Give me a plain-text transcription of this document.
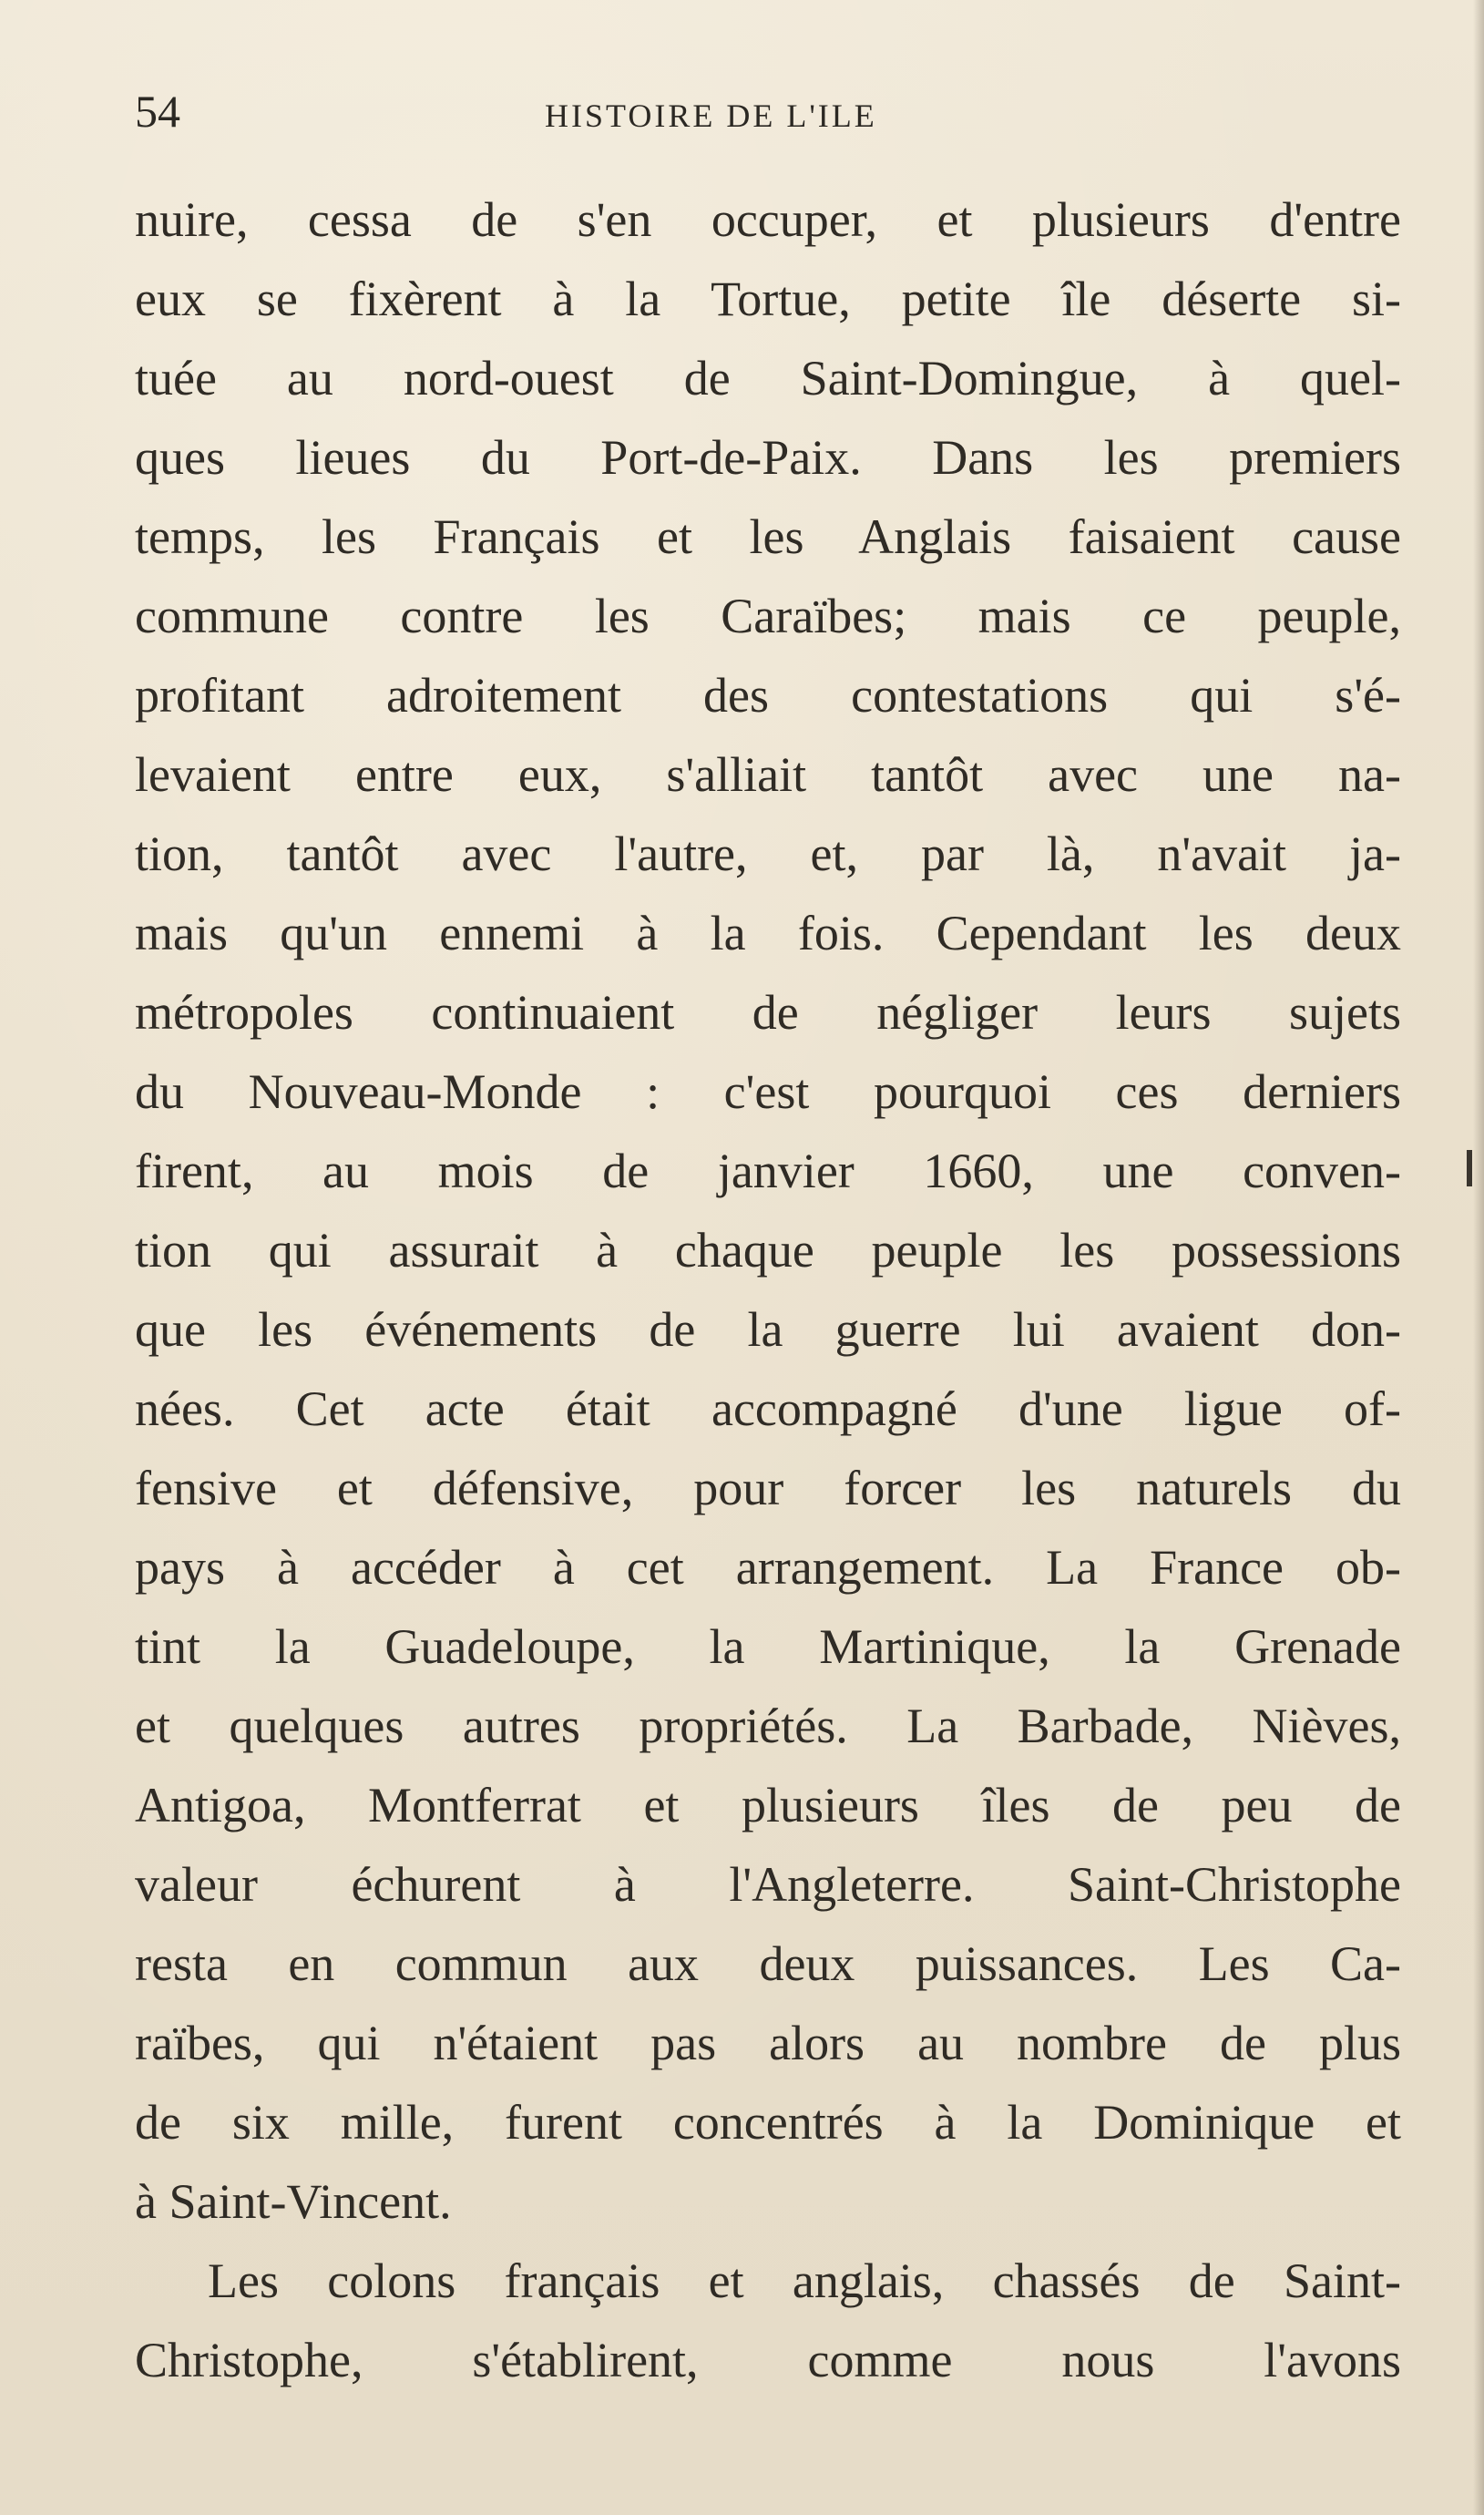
54	HISTOIRE DE L'ILE
nuire, cessa de s'en occuper, et plusieurs d'entre
eux se fixèrent à la Tortue, petite île déserte si-
tuée au nord-ouest de Saint-Domingue, à quel-
ques lieues du Port-de-Paix. Dans les premiers
temps, les Français et les Anglais faisaient cause
commune contre les Caraïbes; mais ce peuple,
profitant adroitement des contestations qui s'é-
levaient entre eux, s'alliait tantôt avec une na-
tion, tantôt avec l'autre, et, par là, n'avait ja-
mais qu'un ennemi à la fois. Cependant les deux
métropoles continuaient de négliger leurs sujets
du Nouveau-Monde : c'est pourquoi ces derniers
firent, au mois de janvier 1660, une conven-
tion qui assurait à chaque peuple les possessions
que les événements de la guerre lui avaient don-
nées. Cet acte était accompagné d'une ligue of-
fensive et défensive, pour forcer les naturels du
pays à accéder à cet arrangement. La France ob-
tint la Guadeloupe, la Martinique, la Grenade
et quelques autres propriétés. La Barbade, Nièves,
Antigoa, Montferrat et plusieurs îles de peu de
valeur échurent à l'Angleterre. Saint-Christophe
resta en commun aux deux puissances. Les Ca-
raïbes, qui n'étaient pas alors au nombre de plus
de six mille, furent concentrés à la Dominique et
à Saint-Vincent.
Les colons français et anglais, chassés de Saint-
Christophe, s'établirent, comme nous l'avons
